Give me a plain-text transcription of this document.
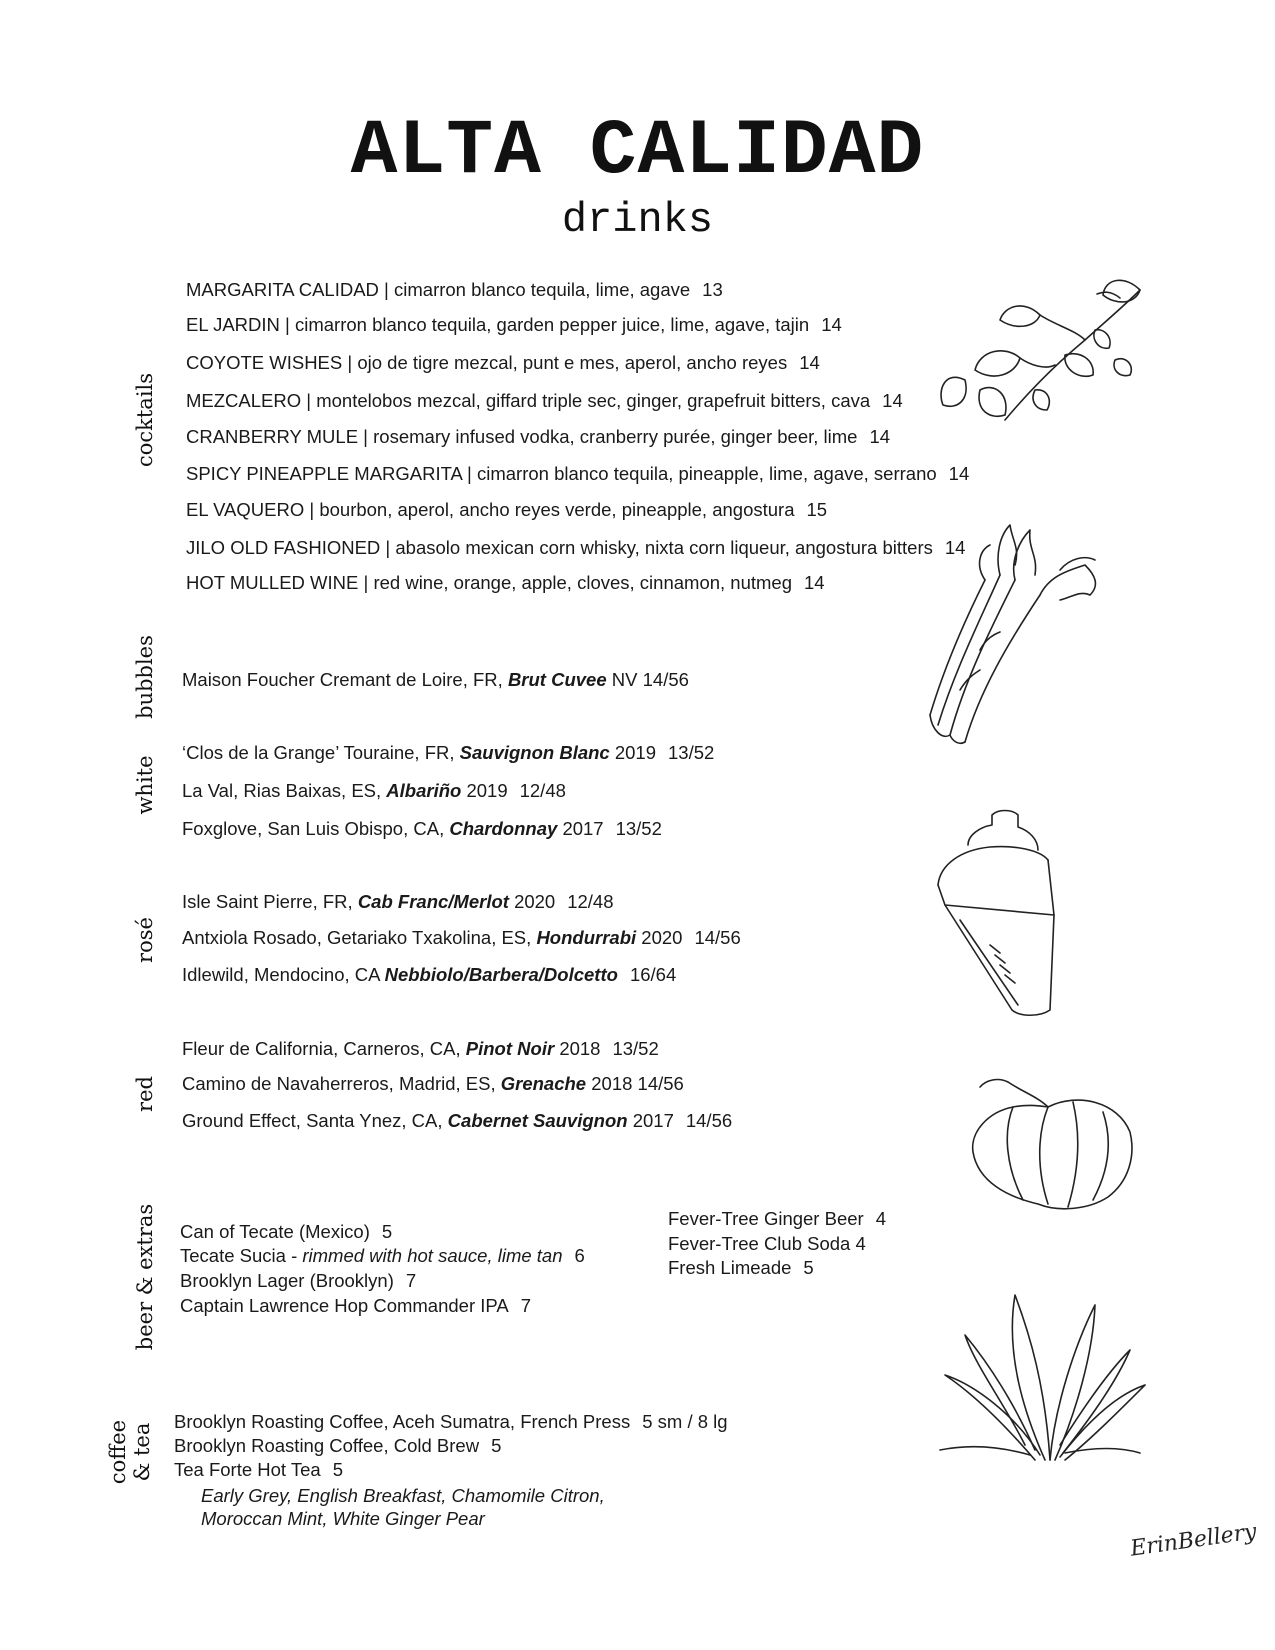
ALTA CALIDAD
drinks
cocktails
bubbles
white
rosé
red
beer & extras
coffee & tea
MARGARITA CALIDAD | cimarron blanco tequila, lime, agave 13
EL JARDIN | cimarron blanco tequila, garden pepper juice, lime, agave, tajin 14
COYOTE WISHES | ojo de tigre mezcal, punt e mes, aperol, ancho reyes 14
MEZCALERO | montelobos mezcal, giffard triple sec, ginger, grapefruit bitters, cava 14
CRANBERRY MULE | rosemary infused vodka, cranberry purée, ginger beer, lime 14
SPICY PINEAPPLE MARGARITA | cimarron blanco tequila, pineapple, lime, agave, serrano 14
EL VAQUERO | bourbon, aperol, ancho reyes verde, pineapple, angostura 15
JILO OLD FASHIONED | abasolo mexican corn whisky, nixta corn liqueur, angostura bitters 14
HOT MULLED WINE | red wine, orange, apple, cloves, cinnamon, nutmeg 14
Maison Foucher Cremant de Loire, FR, Brut Cuvee NV 14/56
‘Clos de la Grange’ Touraine, FR, Sauvignon Blanc 2019 13/52
La Val, Rias Baixas, ES, Albariño 2019 12/48
Foxglove, San Luis Obispo, CA, Chardonnay 2017 13/52
Isle Saint Pierre, FR, Cab Franc/Merlot 2020 12/48
Antxiola Rosado, Getariako Txakolina, ES, Hondurrabi 2020 14/56
Idlewild, Mendocino, CA Nebbiolo/Barbera/Dolcetto 16/64
Fleur de California, Carneros, CA, Pinot Noir 2018 13/52
Camino de Navaherreros, Madrid, ES, Grenache 2018 14/56
Ground Effect, Santa Ynez, CA, Cabernet Sauvignon 2017 14/56
Can of Tecate (Mexico) 5
Tecate Sucia - rimmed with hot sauce, lime tan 6
Brooklyn Lager (Brooklyn) 7
Captain Lawrence Hop Commander IPA 7
Fever-Tree Ginger Beer 4
Fever-Tree Club Soda 4
Fresh Limeade 5
Brooklyn Roasting Coffee, Aceh Sumatra, French Press 5 sm / 8 lg
Brooklyn Roasting Coffee, Cold Brew 5
Tea Forte Hot Tea 5
Early Grey, English Breakfast, Chamomile Citron,
Moroccan Mint, White Ginger Pear
ErinBellery
